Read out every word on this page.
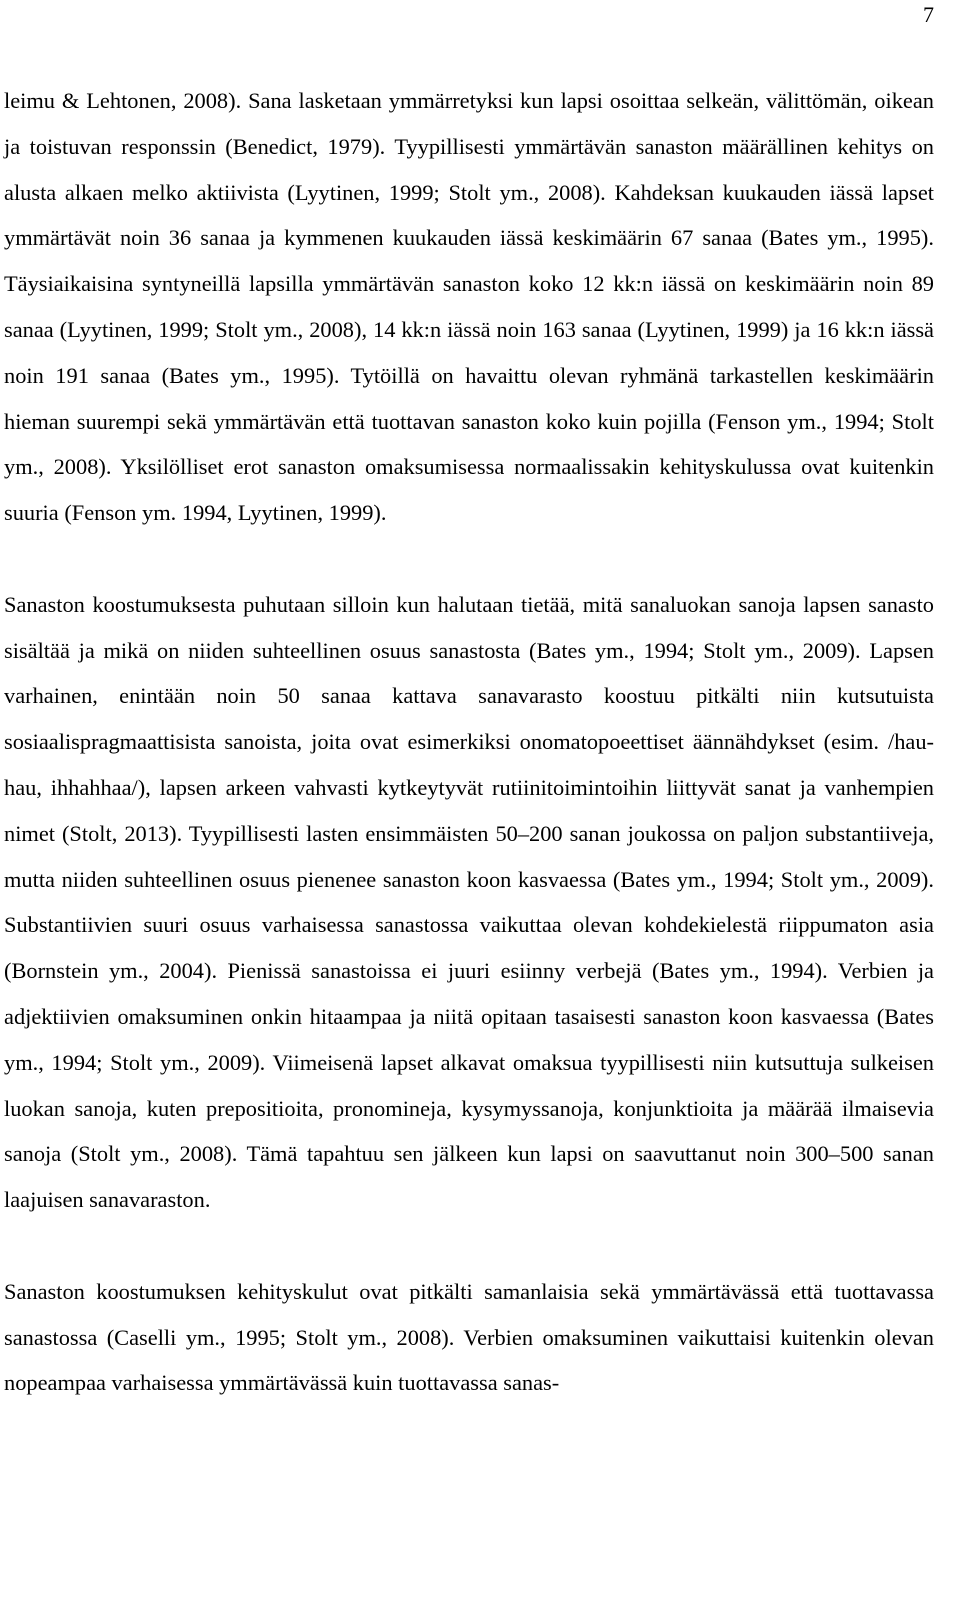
7

leimu & Lehtonen, 2008). Sana lasketaan ymmärretyksi kun lapsi osoittaa selkeän, välittömän, oikean ja toistuvan responssin (Benedict, 1979). Tyypillisesti ymmärtävän sanaston määrällinen kehitys on alusta alkaen melko aktiivista (Lyytinen, 1999; Stolt ym., 2008). Kahdeksan kuukauden iässä lapset ymmärtävät noin 36 sanaa ja kymmenen kuukauden iässä keskimäärin 67 sanaa (Bates ym., 1995). Täysiaikaisina syntyneillä lapsilla ymmärtävän sanaston koko 12 kk:n iässä on keskimäärin noin 89 sanaa (Lyytinen, 1999; Stolt ym., 2008), 14 kk:n iässä noin 163 sanaa (Lyytinen, 1999) ja 16 kk:n iässä noin 191 sanaa (Bates ym., 1995). Tytöillä on havaittu olevan ryhmänä tarkastellen keskimäärin hieman suurempi sekä ymmärtävän että tuottavan sanaston koko kuin pojilla (Fenson ym., 1994; Stolt ym., 2008). Yksilölliset erot sanaston omaksumisessa normaalissakin kehityskulussa ovat kuitenkin suuria (Fenson ym. 1994, Lyytinen, 1999).

Sanaston koostumuksesta puhutaan silloin kun halutaan tietää, mitä sanaluokan sanoja lapsen sanasto sisältää ja mikä on niiden suhteellinen osuus sanastosta (Bates ym., 1994; Stolt ym., 2009). Lapsen varhainen, enintään noin 50 sanaa kattava sanavarasto koostuu pitkälti niin kutsutuista sosiaalispragmaattisista sanoista, joita ovat esimerkiksi onomatopoeettiset äännähdykset (esim. /hau-hau, ihhahhaa/), lapsen arkeen vahvasti kytkeytyvät rutiinitoimintoihin liittyvät sanat ja vanhempien nimet (Stolt, 2013). Tyypillisesti lasten ensimmäisten 50–200 sanan joukossa on paljon substantiiveja, mutta niiden suhteellinen osuus pienenee sanaston koon kasvaessa (Bates ym., 1994; Stolt ym., 2009). Substantiivien suuri osuus varhaisessa sanastossa vaikuttaa olevan kohdekielestä riippumaton asia (Bornstein ym., 2004). Pienissä sanastoissa ei juuri esiinny verbejä (Bates ym., 1994). Verbien ja adjektiivien omaksuminen onkin hitaampaa ja niitä opitaan tasaisesti sanaston koon kasvaessa (Bates ym., 1994; Stolt ym., 2009). Viimeisenä lapset alkavat omaksua tyypillisesti niin kutsuttuja sulkeisen luokan sanoja, kuten prepositioita, pronomineja, kysymyssanoja, konjunktioita ja määrää ilmaisevia sanoja (Stolt ym., 2008). Tämä tapahtuu sen jälkeen kun lapsi on saavuttanut noin 300–500 sanan laajuisen sanavaraston.

Sanaston koostumuksen kehityskulut ovat pitkälti samanlaisia sekä ymmärtävässä että tuottavassa sanastossa (Caselli ym., 1995; Stolt ym., 2008). Verbien omaksuminen vaikuttaisi kuitenkin olevan nopeampaa varhaisessa ymmärtävässä kuin tuottavassa sanas-
